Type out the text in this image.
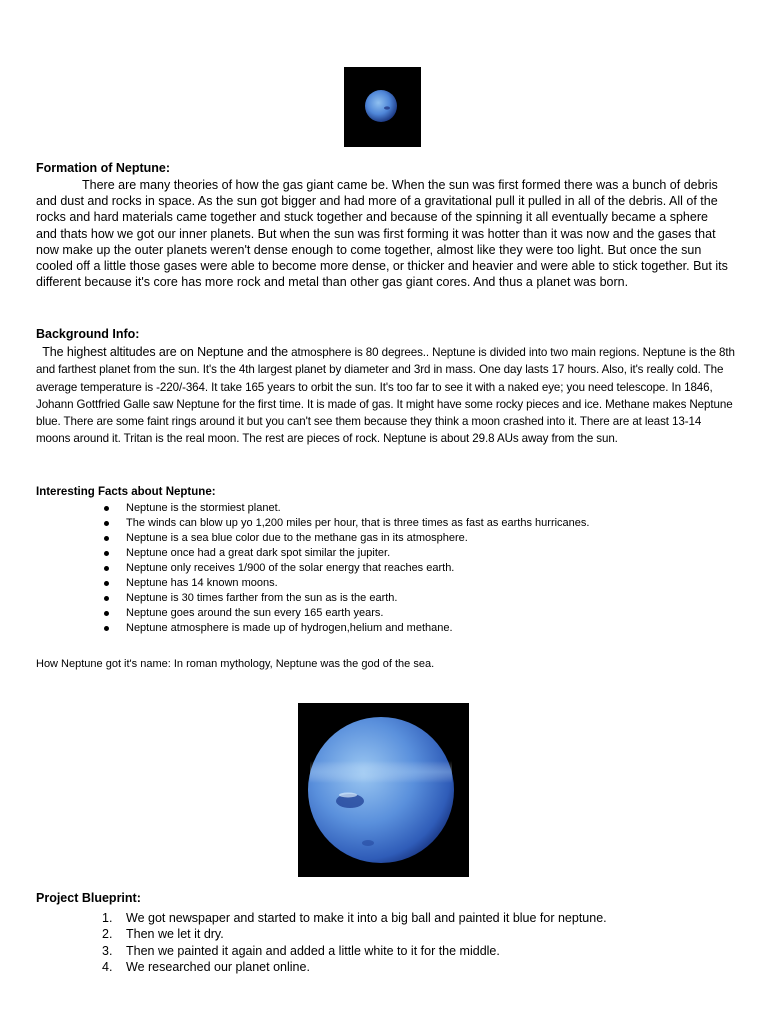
Formation of Neptune:

There are many theories of how the gas giant came be. When the sun was first formed there was a bunch of debris and dust and rocks in space. As the sun got bigger and had more of a gravitational pull it pulled in all of the debris. All of the rocks and hard materials came together and stuck together and because of the spinning it all eventually became a sphere and thats how we got our inner planets. But when the sun was first forming it was hotter than it was now and the gases that now make up the outer planets weren't dense enough to come together, almost like they were too light. But once the sun cooled off a little those gases were able to become more dense, or thicker and heavier and were able to stick together. But its different because it's core has more rock and metal than other gas giant cores. And thus a planet was born.

Background Info:

The highest altitudes are on Neptune and the atmosphere is 80 degrees.. Neptune is divided into two main regions. Neptune is the 8th and farthest planet from the sun. It's the 4th largest planet by diameter and 3rd in mass. One day lasts 17 hours. Also, it's really cold. The average temperature is -220/-364. It take 165 years to orbit the sun. It's too far to see it with a naked eye; you need telescope. In 1846, Johann Gottfried Galle saw Neptune for the first time. It is made of gas. It might have some rocky pieces and ice. Methane makes Neptune blue. There are some faint rings around it but you can't see them because they think a moon crashed into it. There are at least 13-14 moons around it. Tritan is the real moon. The rest are pieces of rock. Neptune is about 29.8 AUs away from the sun.

Interesting Facts about Neptune:
Neptune is the stormiest planet.
The winds can blow up yo 1,200 miles per hour, that is three times as fast as earths hurricanes.
Neptune is a sea blue color due to the methane gas in its atmosphere.
Neptune once had a great dark spot similar the jupiter.
Neptune only receives 1/900 of the solar energy that reaches earth.
Neptune has 14 known moons.
Neptune is 30 times farther from the sun as is the earth.
Neptune goes around the sun every 165 earth years.
Neptune atmosphere is made up of hydrogen,helium and methane.
How Neptune got it's name: In roman mythology, Neptune was the god of the sea.
Project Blueprint:
1. We got newspaper and started to make it into a big ball and painted it blue for neptune.
2. Then we let it dry.
3. Then we painted it again and added a little white to it for the middle.
4. We researched our planet online.
